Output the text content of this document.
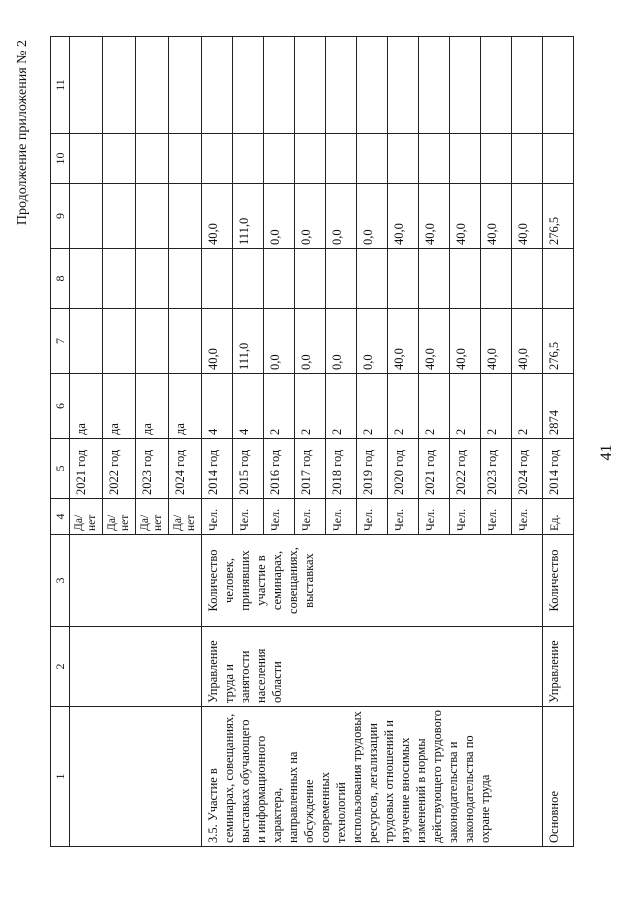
41
Продолжение приложения № 2
1	2	3	4	5	6	7	8	9	10	11
			Да/ нет	2021 год	да					
			Да/ нет	2022 год	да					
			Да/ нет	2023 год	да					
			Да/ нет	2024 год	да					
3.5. Участие в семинарах, совещаниях, выставках обучающего и информационного характера, направленных на обсуждение современных технологий использования трудовых ресурсов, легализации трудовых отношений и изучение вносимых изменений в нормы действующего трудового законодательства и законодательства по охране труда	Управление труда и занятости населения области	Количество человек, принявших участие в семинарах, совещаниях, выставках	Чел.	2014 год	4	40,0		40,0		
			Чел.	2015 год	4	111,0		111,0		
			Чел.	2016 год	2	0,0		0,0		
			Чел.	2017 год	2	0,0		0,0		
			Чел.	2018 год	2	0,0		0,0		
			Чел.	2019 год	2	0,0		0,0		
			Чел.	2020 год	2	40,0		40,0		
			Чел.	2021 год	2	40,0		40,0		
			Чел.	2022 год	2	40,0		40,0		
			Чел.	2023 год	2	40,0		40,0		
			Чел.	2024 год	2	40,0		40,0		
Основное	Управление	Количество	Ед.	2014 год	2874	276,5		276,5		
